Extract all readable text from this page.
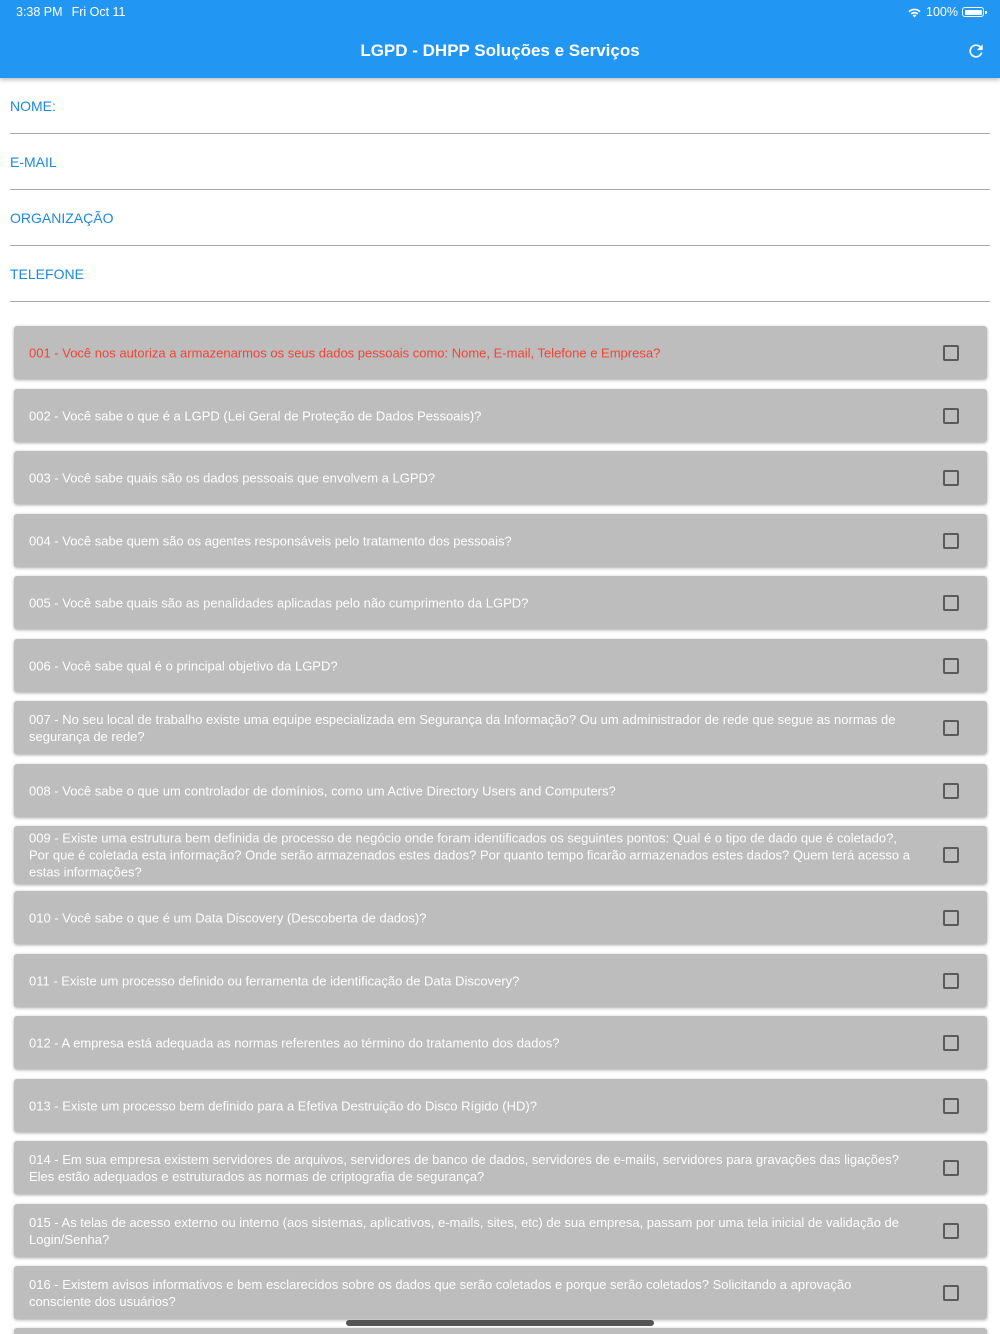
3:38 PM Fri Oct 11	100%
LGPD - DHPP Soluções e Serviços
NOME:
E-MAIL
ORGANIZAÇÃO
TELEFONE
001 - Você nos autoriza a armazenarmos os seus dados pessoais como: Nome, E-mail, Telefone e Empresa?
002 - Você sabe o que é a LGPD (Lei Geral de Proteção de Dados Pessoais)?
003 - Você sabe quais são os dados pessoais que envolvem a LGPD?
004 - Você sabe quem são os agentes responsáveis pelo tratamento dos pessoais?
005 - Você sabe quais são as penalidades aplicadas pelo não cumprimento da LGPD?
006 - Você sabe qual é o principal objetivo da LGPD?
007 - No seu local de trabalho existe uma equipe especializada em Segurança da Informação? Ou um administrador de rede que segue as normas de segurança de rede?
008 - Você sabe o que um controlador de domínios, como um Active Directory Users and Computers?
009 - Existe uma estrutura bem definida de processo de negócio onde foram identificados os seguintes pontos: Qual é o tipo de dado que é coletado?, Por que é coletada esta informação? Onde serão armazenados estes dados? Por quanto tempo ficarão armazenados estes dados? Quem terá acesso a estas informações?
010 - Você sabe o que é um Data Discovery (Descoberta de dados)?
011 - Existe um processo definido ou ferramenta de identificação de Data Discovery?
012 - A empresa está adequada as normas referentes ao término do tratamento dos dados?
013 - Existe um processo bem definido para a Efetiva Destruição do Disco Rígido (HD)?
014 - Em sua empresa existem servidores de arquivos, servidores de banco de dados, servidores de e-mails, servidores para gravações das ligações? Eles estão adequados e estruturados as normas de criptografia de segurança?
015 - As telas de acesso externo ou interno (aos sistemas, aplicativos, e-mails, sites, etc) de sua empresa, passam por uma tela inicial de validação de Login/Senha?
016 - Existem avisos informativos e bem esclarecidos sobre os dados que serão coletados e porque serão coletados? Solicitando a aprovação consciente dos usuários?
